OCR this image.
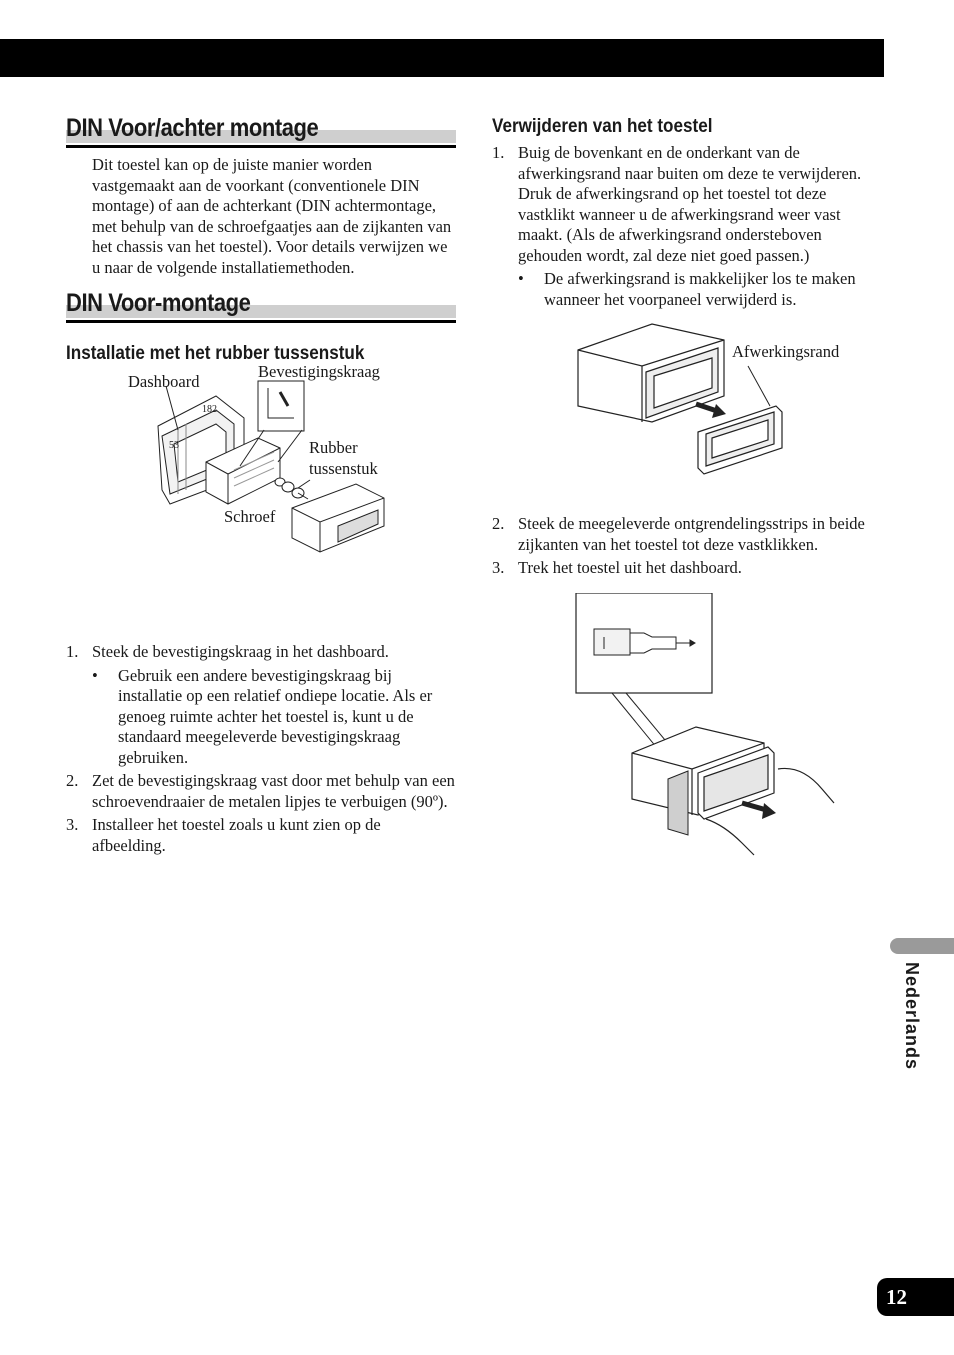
DIN Voor/achter montage

Dit toestel kan op de juiste manier worden vastgemaakt aan de voorkant (conventionele DIN montage) of aan de achterkant (DIN achtermontage, met behulp van de schroefgaatjes aan de zijkanten van het chassis van het toestel). Voor details verwijzen we u naar de volgende installatiemethoden.

DIN Voor-montage
Installatie met het rubber tussenstuk
Dashboard
Bevestigingskraag
Rubber
tussenstuk
Schroef
182
53
1. Steek de bevestigingskraag in het dashboard.
• Gebruik een andere bevestigingskraag bij installatie op een relatief ondiepe locatie. Als er genoeg ruimte achter het toestel is, kunt u de standaard meegeleverde bevestigingskraag gebruiken.
2. Zet de bevestigingskraag vast door met behulp van een schroevendraaier de metalen lipjes te verbuigen (90º).
3. Installeer het toestel zoals u kunt zien op de afbeelding.
Verwijderen van het toestel
1. Buig de bovenkant en de onderkant van de afwerkingsrand naar buiten om deze te verwijderen. Druk de afwerkingsrand op het toestel tot deze vastklikt wanneer u de afwerkingsrand weer vast maakt. (Als de afwerkingsrand ondersteboven gehouden wordt, zal deze niet goed passen.)
• De afwerkingsrand is makkelijker los te maken wanneer het voorpaneel verwijderd is.
Afwerkingsrand
2. Steek de meegeleverde ontgrendelingsstrips in beide zijkanten van het toestel tot deze vastklikken.
3. Trek het toestel uit het dashboard.
Nederlands
12
